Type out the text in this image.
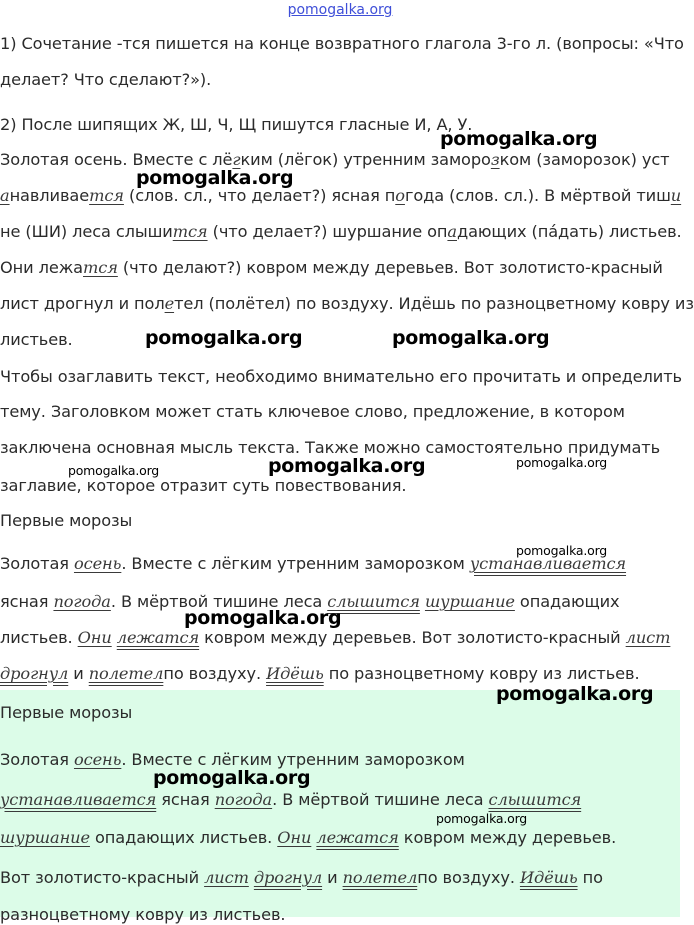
pomogalka.org
1) Сочетание -тся пишется на конце возвратного глагола 3-го л. (вопросы: «Что
делает? Что сделают?»).
2) После шипящих Ж, Ш, Ч, Щ пишутся гласные И, А, У.
Золотая осень. Вместе с лёгким (лёгок) утренним заморозком (заморозок) уст
анавливается (слов. сл., что делает?) ясная погода (слов. сл.). В мёртвой тиши
не (ШИ) леса слышится (что делает?) шуршание опадающих (па́дать) листьев.
Они лежатся (что делают?) ковром между деревьев. Вот золотисто-красный
лист дрогнул и полетел (полётел) по воздуху. Идёшь по разноцветному ковру из
листьев.
Чтобы озаглавить текст, необходимо внимательно его прочитать и определить
тему. Заголовком может стать ключевое слово, предложение, в котором
заключена основная мысль текста. Также можно самостоятельно придумать
заглавие, которое отразит суть повествования.
Первые морозы
Золотая осень. Вместе с лёгким утренним заморозком устанавливается
ясная погода. В мёртвой тишине леса слышится шуршание опадающих
листьев. Они лежатся ковром между деревьев. Вот золотисто-красный лист
дрогнул и полетелпо воздуху. Идёшь по разноцветному ковру из листьев.
Первые морозы
Золотая осень. Вместе с лёгким утренним заморозком
устанавливается ясная погода. В мёртвой тишине леса слышится
шуршание опадающих листьев. Они лежатся ковром между деревьев.
Вот золотисто-красный лист дрогнул и полетелпо воздуху. Идёшь по
разноцветному ковру из листьев.
pomogalka.org
pomogalka.org
pomogalka.org	pomogalka.org
pomogalka.org	pomogalka.org	pomogalka.org
pomogalka.org
pomogalka.org
pomogalka.org
pomogalka.org
pomogalka.org
